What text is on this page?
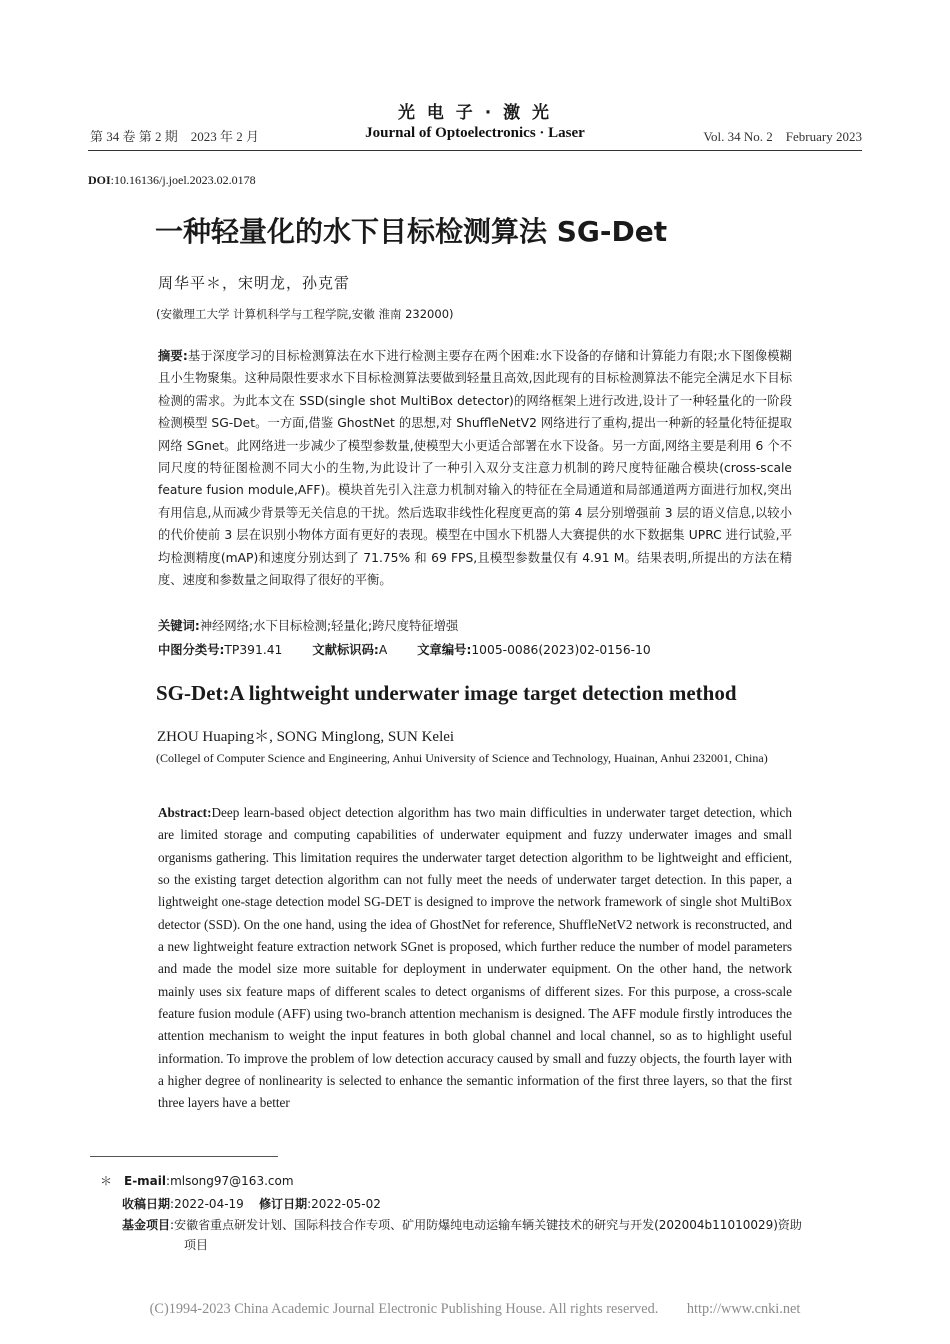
光 电 子 · 激 光
第 34 卷 第 2 期　2023 年 2 月	Journal of Optoelectronics · Laser	Vol. 34 No. 2　February 2023
DOI:10.16136/j.joel.2023.02.0178
一种轻量化的水下目标检测算法 SG-Det
周华平＊，宋明龙，孙克雷
(安徽理工大学 计算机科学与工程学院,安徽 淮南 232000)
摘要:基于深度学习的目标检测算法在水下进行检测主要存在两个困难:水下设备的存储和计算能力有限;水下图像模糊且小生物聚集。这种局限性要求水下目标检测算法要做到轻量且高效,因此现有的目标检测算法不能完全满足水下目标检测的需求。为此本文在 SSD(single shot MultiBox detector)的网络框架上进行改进,设计了一种轻量化的一阶段检测模型 SG-Det。一方面,借鉴 GhostNet 的思想,对 ShuffleNetV2 网络进行了重构,提出一种新的轻量化特征提取网络 SGnet。此网络进一步减少了模型参数量,使模型大小更适合部署在水下设备。另一方面,网络主要是利用 6 个不同尺度的特征图检测不同大小的生物,为此设计了一种引入双分支注意力机制的跨尺度特征融合模块(cross-scale feature fusion module,AFF)。模块首先引入注意力机制对输入的特征在全局通道和局部通道两方面进行加权,突出有用信息,从而减少背景等无关信息的干扰。然后选取非线性化程度更高的第 4 层分别增强前 3 层的语义信息,以较小的代价使前 3 层在识别小物体方面有更好的表现。模型在中国水下机器人大赛提供的水下数据集 UPRC 进行试验,平均检测精度(mAP)和速度分别达到了 71.75% 和 69 FPS,且模型参数量仅有 4.91 M。结果表明,所提出的方法在精度、速度和参数量之间取得了很好的平衡。
关键词:神经网络;水下目标检测;轻量化;跨尺度特征增强
中图分类号:TP391.41 文献标识码:A 文章编号:1005-0086(2023)02-0156-10
SG-Det:A lightweight underwater image target detection method
ZHOU Huaping＊, SONG Minglong, SUN Kelei
(Collegel of Computer Science and Engineering, Anhui University of Science and Technology, Huainan, Anhui 232001, China)
Abstract:Deep learn-based object detection algorithm has two main difficulties in underwater target detection, which are limited storage and computing capabilities of underwater equipment and fuzzy underwater images and small organisms gathering. This limitation requires the underwater target detection algorithm to be lightweight and efficient, so the existing target detection algorithm can not fully meet the needs of underwater target detection. In this paper, a lightweight one-stage detection model SG-DET is designed to improve the network framework of single shot MultiBox detector (SSD). On the one hand, using the idea of GhostNet for reference, ShuffleNetV2 network is reconstructed, and a new lightweight feature extraction network SGnet is proposed, which further reduce the number of model parameters and made the model size more suitable for deployment in underwater equipment. On the other hand, the network mainly uses six feature maps of different scales to detect organisms of different sizes. For this purpose, a cross-scale feature fusion module (AFF) using two-branch attention mechanism is designed. The AFF module firstly introduces the attention mechanism to weight the input features in both global channel and local channel, so as to highlight useful information. To improve the problem of low detection accuracy caused by small and fuzzy objects, the fourth layer with a higher degree of nonlinearity is selected to enhance the semantic information of the first three layers, so that the first three layers have a better
＊ E-mail:mlsong97@163.com
收稿日期:2022-04-19 修订日期:2022-05-02
基金项目:安徽省重点研发计划、国际科技合作专项、矿用防爆纯电动运输车辆关键技术的研究与开发(202004b11010029)资助
项目
(C)1994-2023 China Academic Journal Electronic Publishing House. All rights reserved.　　http://www.cnki.net
